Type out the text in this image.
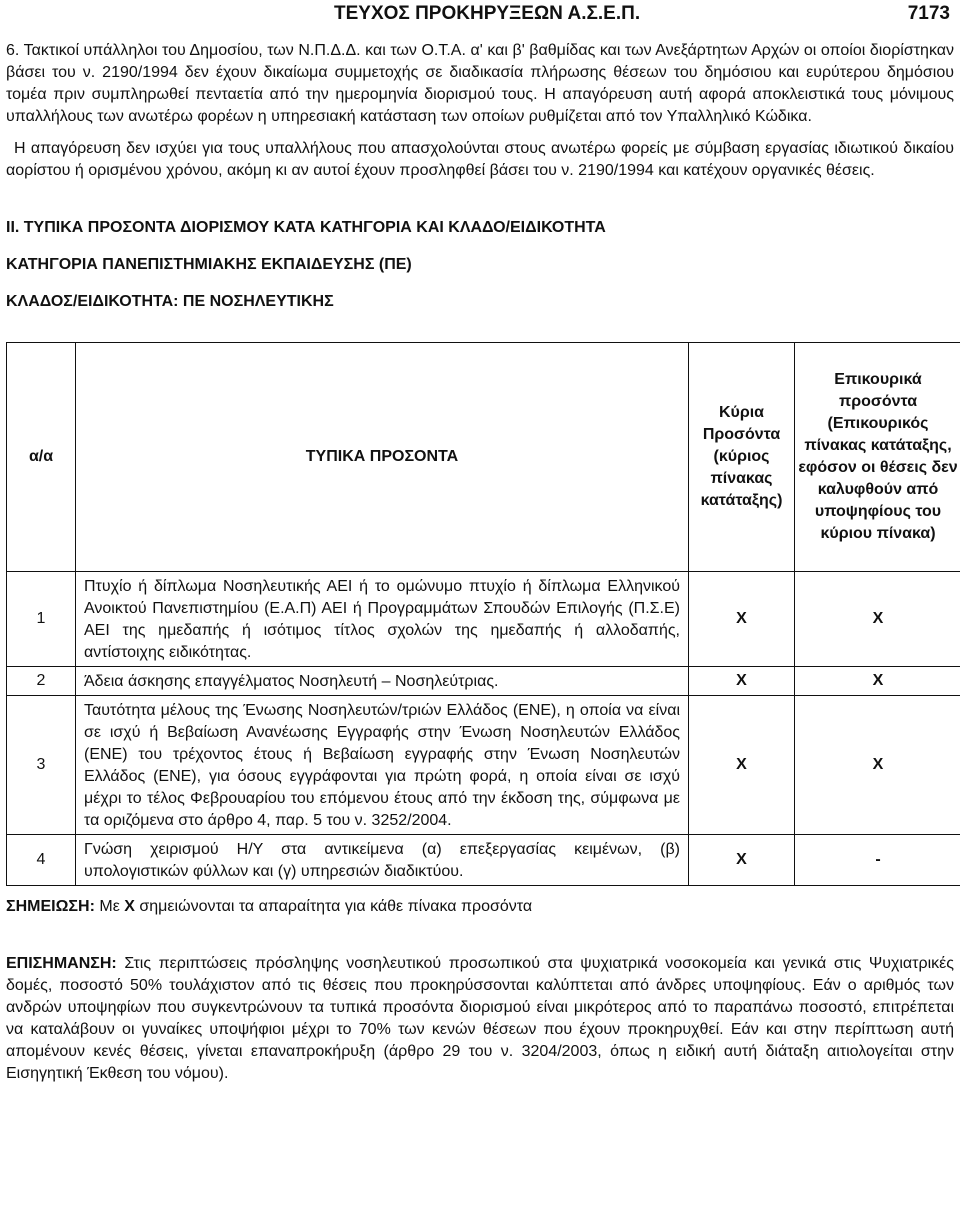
ΤΕΥΧΟΣ ΠΡΟΚΗΡΥΞΕΩΝ Α.Σ.Ε.Π.	7173

6. Τακτικοί υπάλληλοι του Δημοσίου, των Ν.Π.Δ.Δ. και των Ο.Τ.Α. α' και β' βαθμίδας και των Ανεξάρτητων Αρχών οι οποίοι διορίστηκαν βάσει του ν. 2190/1994 δεν έχουν δικαίωμα συμμετοχής σε διαδικασία πλήρωσης θέσεων του δημόσιου και ευρύτερου δημόσιου τομέα πριν συμπληρωθεί πενταετία από την ημερομηνία διορισμού τους. Η απαγόρευση αυτή αφορά αποκλειστικά τους μόνιμους υπαλλήλους των ανωτέρω φορέων η υπηρεσιακή κατάσταση των οποίων ρυθμίζεται από τον Υπαλληλικό Κώδικα.

Η απαγόρευση δεν ισχύει για τους υπαλλήλους που απασχολούνται στους ανωτέρω φορείς με σύμβαση εργασίας ιδιωτικού δικαίου αορίστου ή ορισμένου χρόνου, ακόμη κι αν αυτοί έχουν προσληφθεί βάσει του ν. 2190/1994 και κατέχουν οργανικές θέσεις.

ΙΙ. ΤΥΠΙΚΑ ΠΡΟΣΟΝΤΑ ΔΙΟΡΙΣΜΟΥ ΚΑΤΑ ΚΑΤΗΓΟΡΙΑ ΚΑΙ ΚΛΑΔΟ/ΕΙΔΙΚΟΤΗΤΑ
ΚΑΤΗΓΟΡΙΑ ΠΑΝΕΠΙΣΤΗΜΙΑΚΗΣ ΕΚΠΑΙΔΕΥΣΗΣ (ΠΕ)
ΚΛΑΔΟΣ/ΕΙΔΙΚΟΤΗΤΑ: ΠΕ ΝΟΣΗΛΕΥΤΙΚΗΣ
α/α	ΤΥΠΙΚΑ ΠΡΟΣΟΝΤΑ	Κύρια Προσόντα (κύριος πίνακας κατάταξης)	Επικουρικά προσόντα (Επικουρικός πίνακας κατάταξης, εφόσον οι θέσεις δεν καλυφθούν από υποψηφίους του κύριου πίνακα)
1	Πτυχίο ή δίπλωμα Νοσηλευτικής ΑΕΙ ή το ομώνυμο πτυχίο ή δίπλωμα Ελληνικού Ανοικτού Πανεπιστημίου (Ε.Α.Π) ΑΕΙ ή Προγραμμάτων Σπουδών Επιλογής (Π.Σ.Ε) ΑΕΙ της ημεδαπής ή ισότιμος τίτλος σχολών της ημεδαπής ή αλλοδαπής, αντίστοιχης ειδικότητας.	Χ	Χ
2	Άδεια άσκησης επαγγέλματος Νοσηλευτή – Νοσηλεύτριας.	Χ	Χ
3	Ταυτότητα μέλους της Ένωσης Νοσηλευτών/τριών Ελλάδος (ΕΝΕ), η οποία να είναι σε ισχύ ή Βεβαίωση Ανανέωσης Εγγραφής στην Ένωση Νοσηλευτών Ελλάδος (ΕΝΕ) του τρέχοντος έτους ή Βεβαίωση εγγραφής στην Ένωση Νοσηλευτών Ελλάδος (ΕΝΕ), για όσους εγγράφονται για πρώτη φορά, η οποία είναι σε ισχύ μέχρι το τέλος Φεβρουαρίου του επόμενου έτους από την έκδοση της, σύμφωνα με τα οριζόμενα στο άρθρο 4, παρ. 5 του ν. 3252/2004.	Χ	Χ
4	Γνώση χειρισμού Η/Υ στα αντικείμενα (α) επεξεργασίας κειμένων, (β) υπολογιστικών φύλλων και (γ) υπηρεσιών διαδικτύου.	Χ	-

ΣΗΜΕΙΩΣΗ: Με Χ σημειώνονται τα απαραίτητα για κάθε πίνακα προσόντα

ΕΠΙΣΗΜΑΝΣΗ: Στις περιπτώσεις πρόσληψης νοσηλευτικού προσωπικού στα ψυχιατρικά νοσοκομεία και γενικά στις Ψυχιατρικές δομές, ποσοστό 50% τουλάχιστον από τις θέσεις που προκηρύσσονται καλύπτεται από άνδρες υποψηφίους. Εάν ο αριθμός των ανδρών υποψηφίων που συγκεντρώνουν τα τυπικά προσόντα διορισμού είναι μικρότερος από το παραπάνω ποσοστό, επιτρέπεται να καταλάβουν οι γυναίκες υποψήφιοι μέχρι το 70% των κενών θέσεων που έχουν προκηρυχθεί. Εάν και στην περίπτωση αυτή απομένουν κενές θέσεις, γίνεται επαναπροκήρυξη (άρθρο 29 του ν. 3204/2003, όπως η ειδική αυτή διάταξη αιτιολογείται στην Εισηγητική Έκθεση του νόμου).
